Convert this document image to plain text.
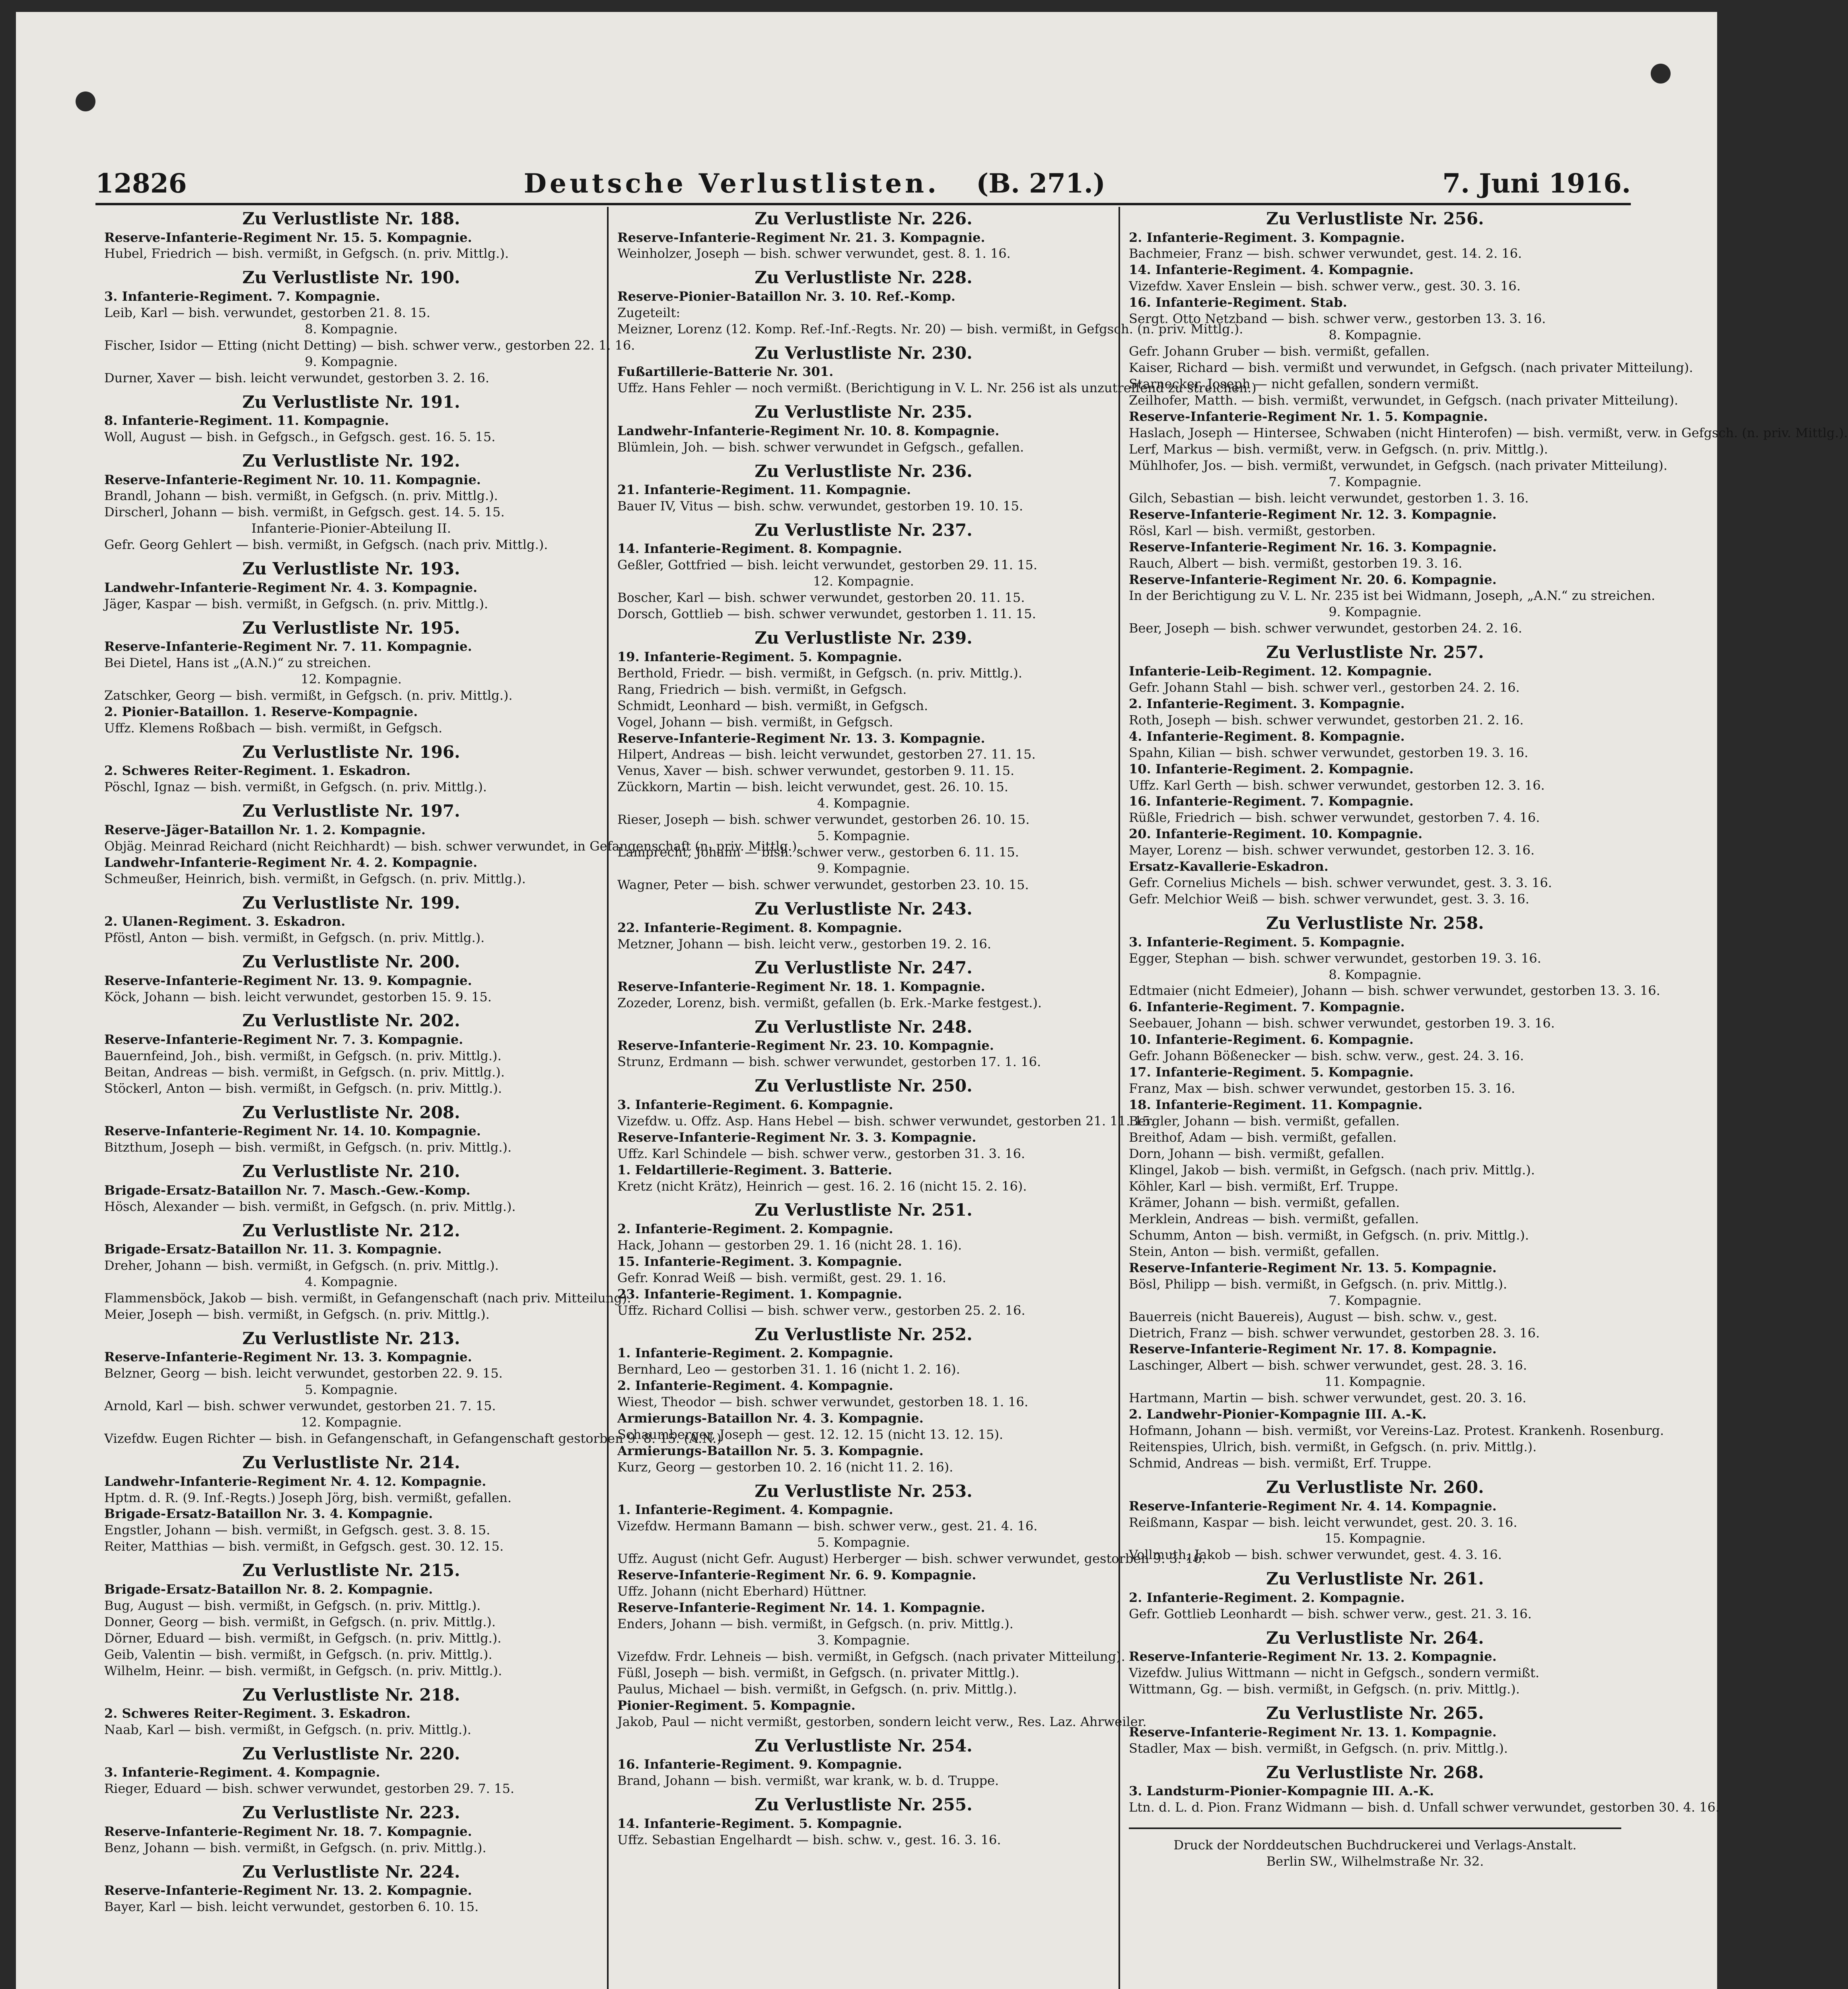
12826	Deutsche Verlustlisten. (B. 271.)	7. Juni 1916.
Zu Verlustliste Nr. 188.
Reserve-Infanterie-Regiment Nr. 15. 5. Kompagnie.
Hubel, Friedrich — bish. vermißt, in Gefgsch. (n. priv. Mittlg.).
Zu Verlustliste Nr. 190.
3. Infanterie-Regiment. 7. Kompagnie.
Leib, Karl — bish. verwundet, gestorben 21. 8. 15.
8. Kompagnie.
Fischer, Isidor — Etting (nicht Detting) — bish. schwer verw., gestorben 22. 1. 16.
9. Kompagnie.
Durner, Xaver — bish. leicht verwundet, gestorben 3. 2. 16.
Zu Verlustliste Nr. 191.
8. Infanterie-Regiment. 11. Kompagnie.
Woll, August — bish. in Gefgsch., in Gefgsch. gest. 16. 5. 15.
Zu Verlustliste Nr. 192.
Reserve-Infanterie-Regiment Nr. 10. 11. Kompagnie.
Brandl, Johann — bish. vermißt, in Gefgsch. (n. priv. Mittlg.).
Dirscherl, Johann — bish. vermißt, in Gefgsch. gest. 14. 5. 15.
Infanterie-Pionier-Abteilung II.
Gefr. Georg Gehlert — bish. vermißt, in Gefgsch. (nach priv. Mittlg.).
Zu Verlustliste Nr. 193.
Landwehr-Infanterie-Regiment Nr. 4. 3. Kompagnie.
Jäger, Kaspar — bish. vermißt, in Gefgsch. (n. priv. Mittlg.).
Zu Verlustliste Nr. 195.
Reserve-Infanterie-Regiment Nr. 7. 11. Kompagnie.
Bei Dietel, Hans ist „(A.N.)“ zu streichen.
12. Kompagnie.
Zatschker, Georg — bish. vermißt, in Gefgsch. (n. priv. Mittlg.).
2. Pionier-Bataillon. 1. Reserve-Kompagnie.
Uffz. Klemens Roßbach — bish. vermißt, in Gefgsch.
Zu Verlustliste Nr. 196.
2. Schweres Reiter-Regiment. 1. Eskadron.
Pöschl, Ignaz — bish. vermißt, in Gefgsch. (n. priv. Mittlg.).
Zu Verlustliste Nr. 197.
Reserve-Jäger-Bataillon Nr. 1. 2. Kompagnie.
Objäg. Meinrad Reichard (nicht Reichhardt) — bish. schwer verwundet, in Gefangenschaft (n. priv. Mittlg.).
Landwehr-Infanterie-Regiment Nr. 4. 2. Kompagnie.
Schmeußer, Heinrich, bish. vermißt, in Gefgsch. (n. priv. Mittlg.).
Zu Verlustliste Nr. 199.
2. Ulanen-Regiment. 3. Eskadron.
Pföstl, Anton — bish. vermißt, in Gefgsch. (n. priv. Mittlg.).
Zu Verlustliste Nr. 200.
Reserve-Infanterie-Regiment Nr. 13. 9. Kompagnie.
Köck, Johann — bish. leicht verwundet, gestorben 15. 9. 15.
Zu Verlustliste Nr. 202.
Reserve-Infanterie-Regiment Nr. 7. 3. Kompagnie.
Bauernfeind, Joh., bish. vermißt, in Gefgsch. (n. priv. Mittlg.).
Beitan, Andreas — bish. vermißt, in Gefgsch. (n. priv. Mittlg.).
Stöckerl, Anton — bish. vermißt, in Gefgsch. (n. priv. Mittlg.).
Zu Verlustliste Nr. 208.
Reserve-Infanterie-Regiment Nr. 14. 10. Kompagnie.
Bitzthum, Joseph — bish. vermißt, in Gefgsch. (n. priv. Mittlg.).
Zu Verlustliste Nr. 210.
Brigade-Ersatz-Bataillon Nr. 7. Masch.-Gew.-Komp.
Hösch, Alexander — bish. vermißt, in Gefgsch. (n. priv. Mittlg.).
Zu Verlustliste Nr. 212.
Brigade-Ersatz-Bataillon Nr. 11. 3. Kompagnie.
Dreher, Johann — bish. vermißt, in Gefgsch. (n. priv. Mittlg.).
4. Kompagnie.
Flammensböck, Jakob — bish. vermißt, in Gefangenschaft (nach priv. Mitteilung).
Meier, Joseph — bish. vermißt, in Gefgsch. (n. priv. Mittlg.).
Zu Verlustliste Nr. 213.
Reserve-Infanterie-Regiment Nr. 13. 3. Kompagnie.
Belzner, Georg — bish. leicht verwundet, gestorben 22. 9. 15.
5. Kompagnie.
Arnold, Karl — bish. schwer verwundet, gestorben 21. 7. 15.
12. Kompagnie.
Vizefdw. Eugen Richter — bish. in Gefangenschaft, in Gefangenschaft gestorben 9. 8. 15. (A.N.)
Zu Verlustliste Nr. 214.
Landwehr-Infanterie-Regiment Nr. 4. 12. Kompagnie.
Hptm. d. R. (9. Inf.-Regts.) Joseph Jörg, bish. vermißt, gefallen.
Brigade-Ersatz-Bataillon Nr. 3. 4. Kompagnie.
Engstler, Johann — bish. vermißt, in Gefgsch. gest. 3. 8. 15.
Reiter, Matthias — bish. vermißt, in Gefgsch. gest. 30. 12. 15.
Zu Verlustliste Nr. 215.
Brigade-Ersatz-Bataillon Nr. 8. 2. Kompagnie.
Bug, August — bish. vermißt, in Gefgsch. (n. priv. Mittlg.).
Donner, Georg — bish. vermißt, in Gefgsch. (n. priv. Mittlg.).
Dörner, Eduard — bish. vermißt, in Gefgsch. (n. priv. Mittlg.).
Geib, Valentin — bish. vermißt, in Gefgsch. (n. priv. Mittlg.).
Wilhelm, Heinr. — bish. vermißt, in Gefgsch. (n. priv. Mittlg.).
Zu Verlustliste Nr. 218.
2. Schweres Reiter-Regiment. 3. Eskadron.
Naab, Karl — bish. vermißt, in Gefgsch. (n. priv. Mittlg.).
Zu Verlustliste Nr. 220.
3. Infanterie-Regiment. 4. Kompagnie.
Rieger, Eduard — bish. schwer verwundet, gestorben 29. 7. 15.
Zu Verlustliste Nr. 223.
Reserve-Infanterie-Regiment Nr. 18. 7. Kompagnie.
Benz, Johann — bish. vermißt, in Gefgsch. (n. priv. Mittlg.).
Zu Verlustliste Nr. 224.
Reserve-Infanterie-Regiment Nr. 13. 2. Kompagnie.
Bayer, Karl — bish. leicht verwundet, gestorben 6. 10. 15.
Zu Verlustliste Nr. 226.
Reserve-Infanterie-Regiment Nr. 21. 3. Kompagnie.
Weinholzer, Joseph — bish. schwer verwundet, gest. 8. 1. 16.
Zu Verlustliste Nr. 228.
Reserve-Pionier-Bataillon Nr. 3. 10. Ref.-Komp.
Zugeteilt:
Meizner, Lorenz (12. Komp. Ref.-Inf.-Regts. Nr. 20) — bish. vermißt, in Gefgsch. (n. priv. Mittlg.).
Zu Verlustliste Nr. 230.
Fußartillerie-Batterie Nr. 301.
Uffz. Hans Fehler — noch vermißt. (Berichtigung in V. L. Nr. 256 ist als unzutreffend zu streichen.)
Zu Verlustliste Nr. 235.
Landwehr-Infanterie-Regiment Nr. 10. 8. Kompagnie.
Blümlein, Joh. — bish. schwer verwundet in Gefgsch., gefallen.
Zu Verlustliste Nr. 236.
21. Infanterie-Regiment. 11. Kompagnie.
Bauer IV, Vitus — bish. schw. verwundet, gestorben 19. 10. 15.
Zu Verlustliste Nr. 237.
14. Infanterie-Regiment. 8. Kompagnie.
Geßler, Gottfried — bish. leicht verwundet, gestorben 29. 11. 15.
12. Kompagnie.
Boscher, Karl — bish. schwer verwundet, gestorben 20. 11. 15.
Dorsch, Gottlieb — bish. schwer verwundet, gestorben 1. 11. 15.
Zu Verlustliste Nr. 239.
19. Infanterie-Regiment. 5. Kompagnie.
Berthold, Friedr. — bish. vermißt, in Gefgsch. (n. priv. Mittlg.).
Rang, Friedrich — bish. vermißt, in Gefgsch.
Schmidt, Leonhard — bish. vermißt, in Gefgsch.
Vogel, Johann — bish. vermißt, in Gefgsch.
Reserve-Infanterie-Regiment Nr. 13. 3. Kompagnie.
Hilpert, Andreas — bish. leicht verwundet, gestorben 27. 11. 15.
Venus, Xaver — bish. schwer verwundet, gestorben 9. 11. 15.
Zückkorn, Martin — bish. leicht verwundet, gest. 26. 10. 15.
4. Kompagnie.
Rieser, Joseph — bish. schwer verwundet, gestorben 26. 10. 15.
5. Kompagnie.
Lamprecht, Johann — bish. schwer verw., gestorben 6. 11. 15.
9. Kompagnie.
Wagner, Peter — bish. schwer verwundet, gestorben 23. 10. 15.
Zu Verlustliste Nr. 243.
22. Infanterie-Regiment. 8. Kompagnie.
Metzner, Johann — bish. leicht verw., gestorben 19. 2. 16.
Zu Verlustliste Nr. 247.
Reserve-Infanterie-Regiment Nr. 18. 1. Kompagnie.
Zozeder, Lorenz, bish. vermißt, gefallen (b. Erk.-Marke festgest.).
Zu Verlustliste Nr. 248.
Reserve-Infanterie-Regiment Nr. 23. 10. Kompagnie.
Strunz, Erdmann — bish. schwer verwundet, gestorben 17. 1. 16.
Zu Verlustliste Nr. 250.
3. Infanterie-Regiment. 6. Kompagnie.
Vizefdw. u. Offz. Asp. Hans Hebel — bish. schwer verwundet, gestorben 21. 11. 15.
Reserve-Infanterie-Regiment Nr. 3. 3. Kompagnie.
Uffz. Karl Schindele — bish. schwer verw., gestorben 31. 3. 16.
1. Feldartillerie-Regiment. 3. Batterie.
Kretz (nicht Krätz), Heinrich — gest. 16. 2. 16 (nicht 15. 2. 16).
Zu Verlustliste Nr. 251.
2. Infanterie-Regiment. 2. Kompagnie.
Hack, Johann — gestorben 29. 1. 16 (nicht 28. 1. 16).
15. Infanterie-Regiment. 3. Kompagnie.
Gefr. Konrad Weiß — bish. vermißt, gest. 29. 1. 16.
23. Infanterie-Regiment. 1. Kompagnie.
Uffz. Richard Collisi — bish. schwer verw., gestorben 25. 2. 16.
Zu Verlustliste Nr. 252.
1. Infanterie-Regiment. 2. Kompagnie.
Bernhard, Leo — gestorben 31. 1. 16 (nicht 1. 2. 16).
2. Infanterie-Regiment. 4. Kompagnie.
Wiest, Theodor — bish. schwer verwundet, gestorben 18. 1. 16.
Armierungs-Bataillon Nr. 4. 3. Kompagnie.
Schaumberger, Joseph — gest. 12. 12. 15 (nicht 13. 12. 15).
Armierungs-Bataillon Nr. 5. 3. Kompagnie.
Kurz, Georg — gestorben 10. 2. 16 (nicht 11. 2. 16).
Zu Verlustliste Nr. 253.
1. Infanterie-Regiment. 4. Kompagnie.
Vizefdw. Hermann Bamann — bish. schwer verw., gest. 21. 4. 16.
5. Kompagnie.
Uffz. August (nicht Gefr. August) Herberger — bish. schwer verwundet, gestorben 9. 3. 16.
Reserve-Infanterie-Regiment Nr. 6. 9. Kompagnie.
Uffz. Johann (nicht Eberhard) Hüttner.
Reserve-Infanterie-Regiment Nr. 14. 1. Kompagnie.
Enders, Johann — bish. vermißt, in Gefgsch. (n. priv. Mittlg.).
3. Kompagnie.
Vizefdw. Frdr. Lehneis — bish. vermißt, in Gefgsch. (nach privater Mitteilung).
Füßl, Joseph — bish. vermißt, in Gefgsch. (n. privater Mittlg.).
Paulus, Michael — bish. vermißt, in Gefgsch. (n. priv. Mittlg.).
Pionier-Regiment. 5. Kompagnie.
Jakob, Paul — nicht vermißt, gestorben, sondern leicht verw., Res. Laz. Ahrweiler.
Zu Verlustliste Nr. 254.
16. Infanterie-Regiment. 9. Kompagnie.
Brand, Johann — bish. vermißt, war krank, w. b. d. Truppe.
Zu Verlustliste Nr. 255.
14. Infanterie-Regiment. 5. Kompagnie.
Uffz. Sebastian Engelhardt — bish. schw. v., gest. 16. 3. 16.
Zu Verlustliste Nr. 256.
2. Infanterie-Regiment. 3. Kompagnie.
Bachmeier, Franz — bish. schwer verwundet, gest. 14. 2. 16.
14. Infanterie-Regiment. 4. Kompagnie.
Vizefdw. Xaver Enslein — bish. schwer verw., gest. 30. 3. 16.
16. Infanterie-Regiment. Stab.
Sergt. Otto Netzband — bish. schwer verw., gestorben 13. 3. 16.
8. Kompagnie.
Gefr. Johann Gruber — bish. vermißt, gefallen.
Kaiser, Richard — bish. vermißt und verwundet, in Gefgsch. (nach privater Mitteilung).
Starnecker, Joseph — nicht gefallen, sondern vermißt.
Zeilhofer, Matth. — bish. vermißt, verwundet, in Gefgsch. (nach privater Mitteilung).
Reserve-Infanterie-Regiment Nr. 1. 5. Kompagnie.
Haslach, Joseph — Hintersee, Schwaben (nicht Hinterofen) — bish. vermißt, verw. in Gefgsch. (n. priv. Mittlg.).
Lerf, Markus — bish. vermißt, verw. in Gefgsch. (n. priv. Mittlg.).
Mühlhofer, Jos. — bish. vermißt, verwundet, in Gefgsch. (nach privater Mitteilung).
7. Kompagnie.
Gilch, Sebastian — bish. leicht verwundet, gestorben 1. 3. 16.
Reserve-Infanterie-Regiment Nr. 12. 3. Kompagnie.
Rösl, Karl — bish. vermißt, gestorben.
Reserve-Infanterie-Regiment Nr. 16. 3. Kompagnie.
Rauch, Albert — bish. vermißt, gestorben 19. 3. 16.
Reserve-Infanterie-Regiment Nr. 20. 6. Kompagnie.
In der Berichtigung zu V. L. Nr. 235 ist bei Widmann, Joseph, „A.N.“ zu streichen.
9. Kompagnie.
Beer, Joseph — bish. schwer verwundet, gestorben 24. 2. 16.
Zu Verlustliste Nr. 257.
Infanterie-Leib-Regiment. 12. Kompagnie.
Gefr. Johann Stahl — bish. schwer verl., gestorben 24. 2. 16.
2. Infanterie-Regiment. 3. Kompagnie.
Roth, Joseph — bish. schwer verwundet, gestorben 21. 2. 16.
4. Infanterie-Regiment. 8. Kompagnie.
Spahn, Kilian — bish. schwer verwundet, gestorben 19. 3. 16.
10. Infanterie-Regiment. 2. Kompagnie.
Uffz. Karl Gerth — bish. schwer verwundet, gestorben 12. 3. 16.
16. Infanterie-Regiment. 7. Kompagnie.
Rüßle, Friedrich — bish. schwer verwundet, gestorben 7. 4. 16.
20. Infanterie-Regiment. 10. Kompagnie.
Mayer, Lorenz — bish. schwer verwundet, gestorben 12. 3. 16.
Ersatz-Kavallerie-Eskadron.
Gefr. Cornelius Michels — bish. schwer verwundet, gest. 3. 3. 16.
Gefr. Melchior Weiß — bish. schwer verwundet, gest. 3. 3. 16.
Zu Verlustliste Nr. 258.
3. Infanterie-Regiment. 5. Kompagnie.
Egger, Stephan — bish. schwer verwundet, gestorben 19. 3. 16.
8. Kompagnie.
Edtmaier (nicht Edmeier), Johann — bish. schwer verwundet, gestorben 13. 3. 16.
6. Infanterie-Regiment. 7. Kompagnie.
Seebauer, Johann — bish. schwer verwundet, gestorben 19. 3. 16.
10. Infanterie-Regiment. 6. Kompagnie.
Gefr. Johann Bößenecker — bish. schw. verw., gest. 24. 3. 16.
17. Infanterie-Regiment. 5. Kompagnie.
Franz, Max — bish. schwer verwundet, gestorben 15. 3. 16.
18. Infanterie-Regiment. 11. Kompagnie.
Bergler, Johann — bish. vermißt, gefallen.
Breithof, Adam — bish. vermißt, gefallen.
Dorn, Johann — bish. vermißt, gefallen.
Klingel, Jakob — bish. vermißt, in Gefgsch. (nach priv. Mittlg.).
Köhler, Karl — bish. vermißt, Erf. Truppe.
Krämer, Johann — bish. vermißt, gefallen.
Merklein, Andreas — bish. vermißt, gefallen.
Schumm, Anton — bish. vermißt, in Gefgsch. (n. priv. Mittlg.).
Stein, Anton — bish. vermißt, gefallen.
Reserve-Infanterie-Regiment Nr. 13. 5. Kompagnie.
Bösl, Philipp — bish. vermißt, in Gefgsch. (n. priv. Mittlg.).
7. Kompagnie.
Bauerreis (nicht Bauereis), August — bish. schw. v., gest.
Dietrich, Franz — bish. schwer verwundet, gestorben 28. 3. 16.
Reserve-Infanterie-Regiment Nr. 17. 8. Kompagnie.
Laschinger, Albert — bish. schwer verwundet, gest. 28. 3. 16.
11. Kompagnie.
Hartmann, Martin — bish. schwer verwundet, gest. 20. 3. 16.
2. Landwehr-Pionier-Kompagnie III. A.-K.
Hofmann, Johann — bish. vermißt, vor Vereins-Laz. Protest. Krankenh. Rosenburg.
Reitenspies, Ulrich, bish. vermißt, in Gefgsch. (n. priv. Mittlg.).
Schmid, Andreas — bish. vermißt, Erf. Truppe.
Zu Verlustliste Nr. 260.
Reserve-Infanterie-Regiment Nr. 4. 14. Kompagnie.
Reißmann, Kaspar — bish. leicht verwundet, gest. 20. 3. 16.
15. Kompagnie.
Vollmuth, Jakob — bish. schwer verwundet, gest. 4. 3. 16.
Zu Verlustliste Nr. 261.
2. Infanterie-Regiment. 2. Kompagnie.
Gefr. Gottlieb Leonhardt — bish. schwer verw., gest. 21. 3. 16.
Zu Verlustliste Nr. 264.
Reserve-Infanterie-Regiment Nr. 13. 2. Kompagnie.
Vizefdw. Julius Wittmann — nicht in Gefgsch., sondern vermißt.
Wittmann, Gg. — bish. vermißt, in Gefgsch. (n. priv. Mittlg.).
Zu Verlustliste Nr. 265.
Reserve-Infanterie-Regiment Nr. 13. 1. Kompagnie.
Stadler, Max — bish. vermißt, in Gefgsch. (n. priv. Mittlg.).
Zu Verlustliste Nr. 268.
3. Landsturm-Pionier-Kompagnie III. A.-K.
Ltn. d. L. d. Pion. Franz Widmann — bish. d. Unfall schwer verwundet, gestorben 30. 4. 16.
Druck der Norddeutschen Buchdruckerei und Verlags-Anstalt.
Berlin SW., Wilhelmstraße Nr. 32.
